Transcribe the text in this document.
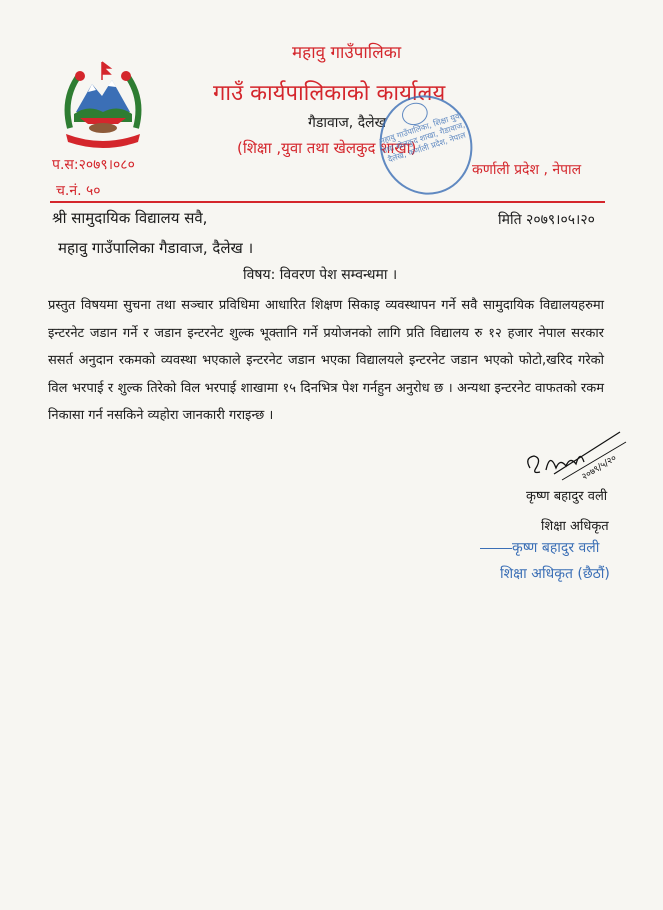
महावु गाउँपालिका
गाउँ कार्यपालिकाको कार्यालय
गैडावाज, दैलेख
(शिक्षा ,युवा तथा खेलकुद शाखा)
प.स:२०७९।०८०
च.नं. ५०
कर्णाली प्रदेश , नेपाल
महावु गाउँपालिका, शिक्षा युवा तथा खेलकुद शाखा, गैडावाज, दैलेख, कर्णाली प्रदेश, नेपाल
श्री सामुदायिक विद्यालय सवै,
महावु गाउँपालिका गैडावाज, दैलेख ।
मिति २०७९।०५।२०
विषय: विवरण पेश सम्वन्धमा ।
प्रस्तुत विषयमा सुचना तथा सञ्चार प्रविधिमा आधारित शिक्षण सिकाइ व्यवस्थापन गर्ने सवै सामुदायिक विद्यालयहरुमा इन्टरनेट जडान गर्ने र जडान इन्टरनेट शुल्क भूक्तानि गर्ने प्रयोजनको लागि प्रति विद्यालय रु १२ हजार नेपाल सरकार ससर्त अनुदान रकमको व्यवस्था भएकाले इन्टरनेट जडान भएका विद्यालयले इन्टरनेट जडान भएको फोटो,खरिद गरेको विल भरपाई र शुल्क तिरेको विल भरपाई शाखामा १५ दिनभित्र पेश गर्नहुन अनुरोध छ । अन्यथा इन्टरनेट वाफतको रकम निकासा गर्न नसकिने व्यहोरा जानकारी गराइन्छ ।
२०७९/५/२०
कृष्ण बहादुर वली
शिक्षा अधिकृत
कृष्ण बहादुर वली
शिक्षा अधिकृत (छैठौं)
